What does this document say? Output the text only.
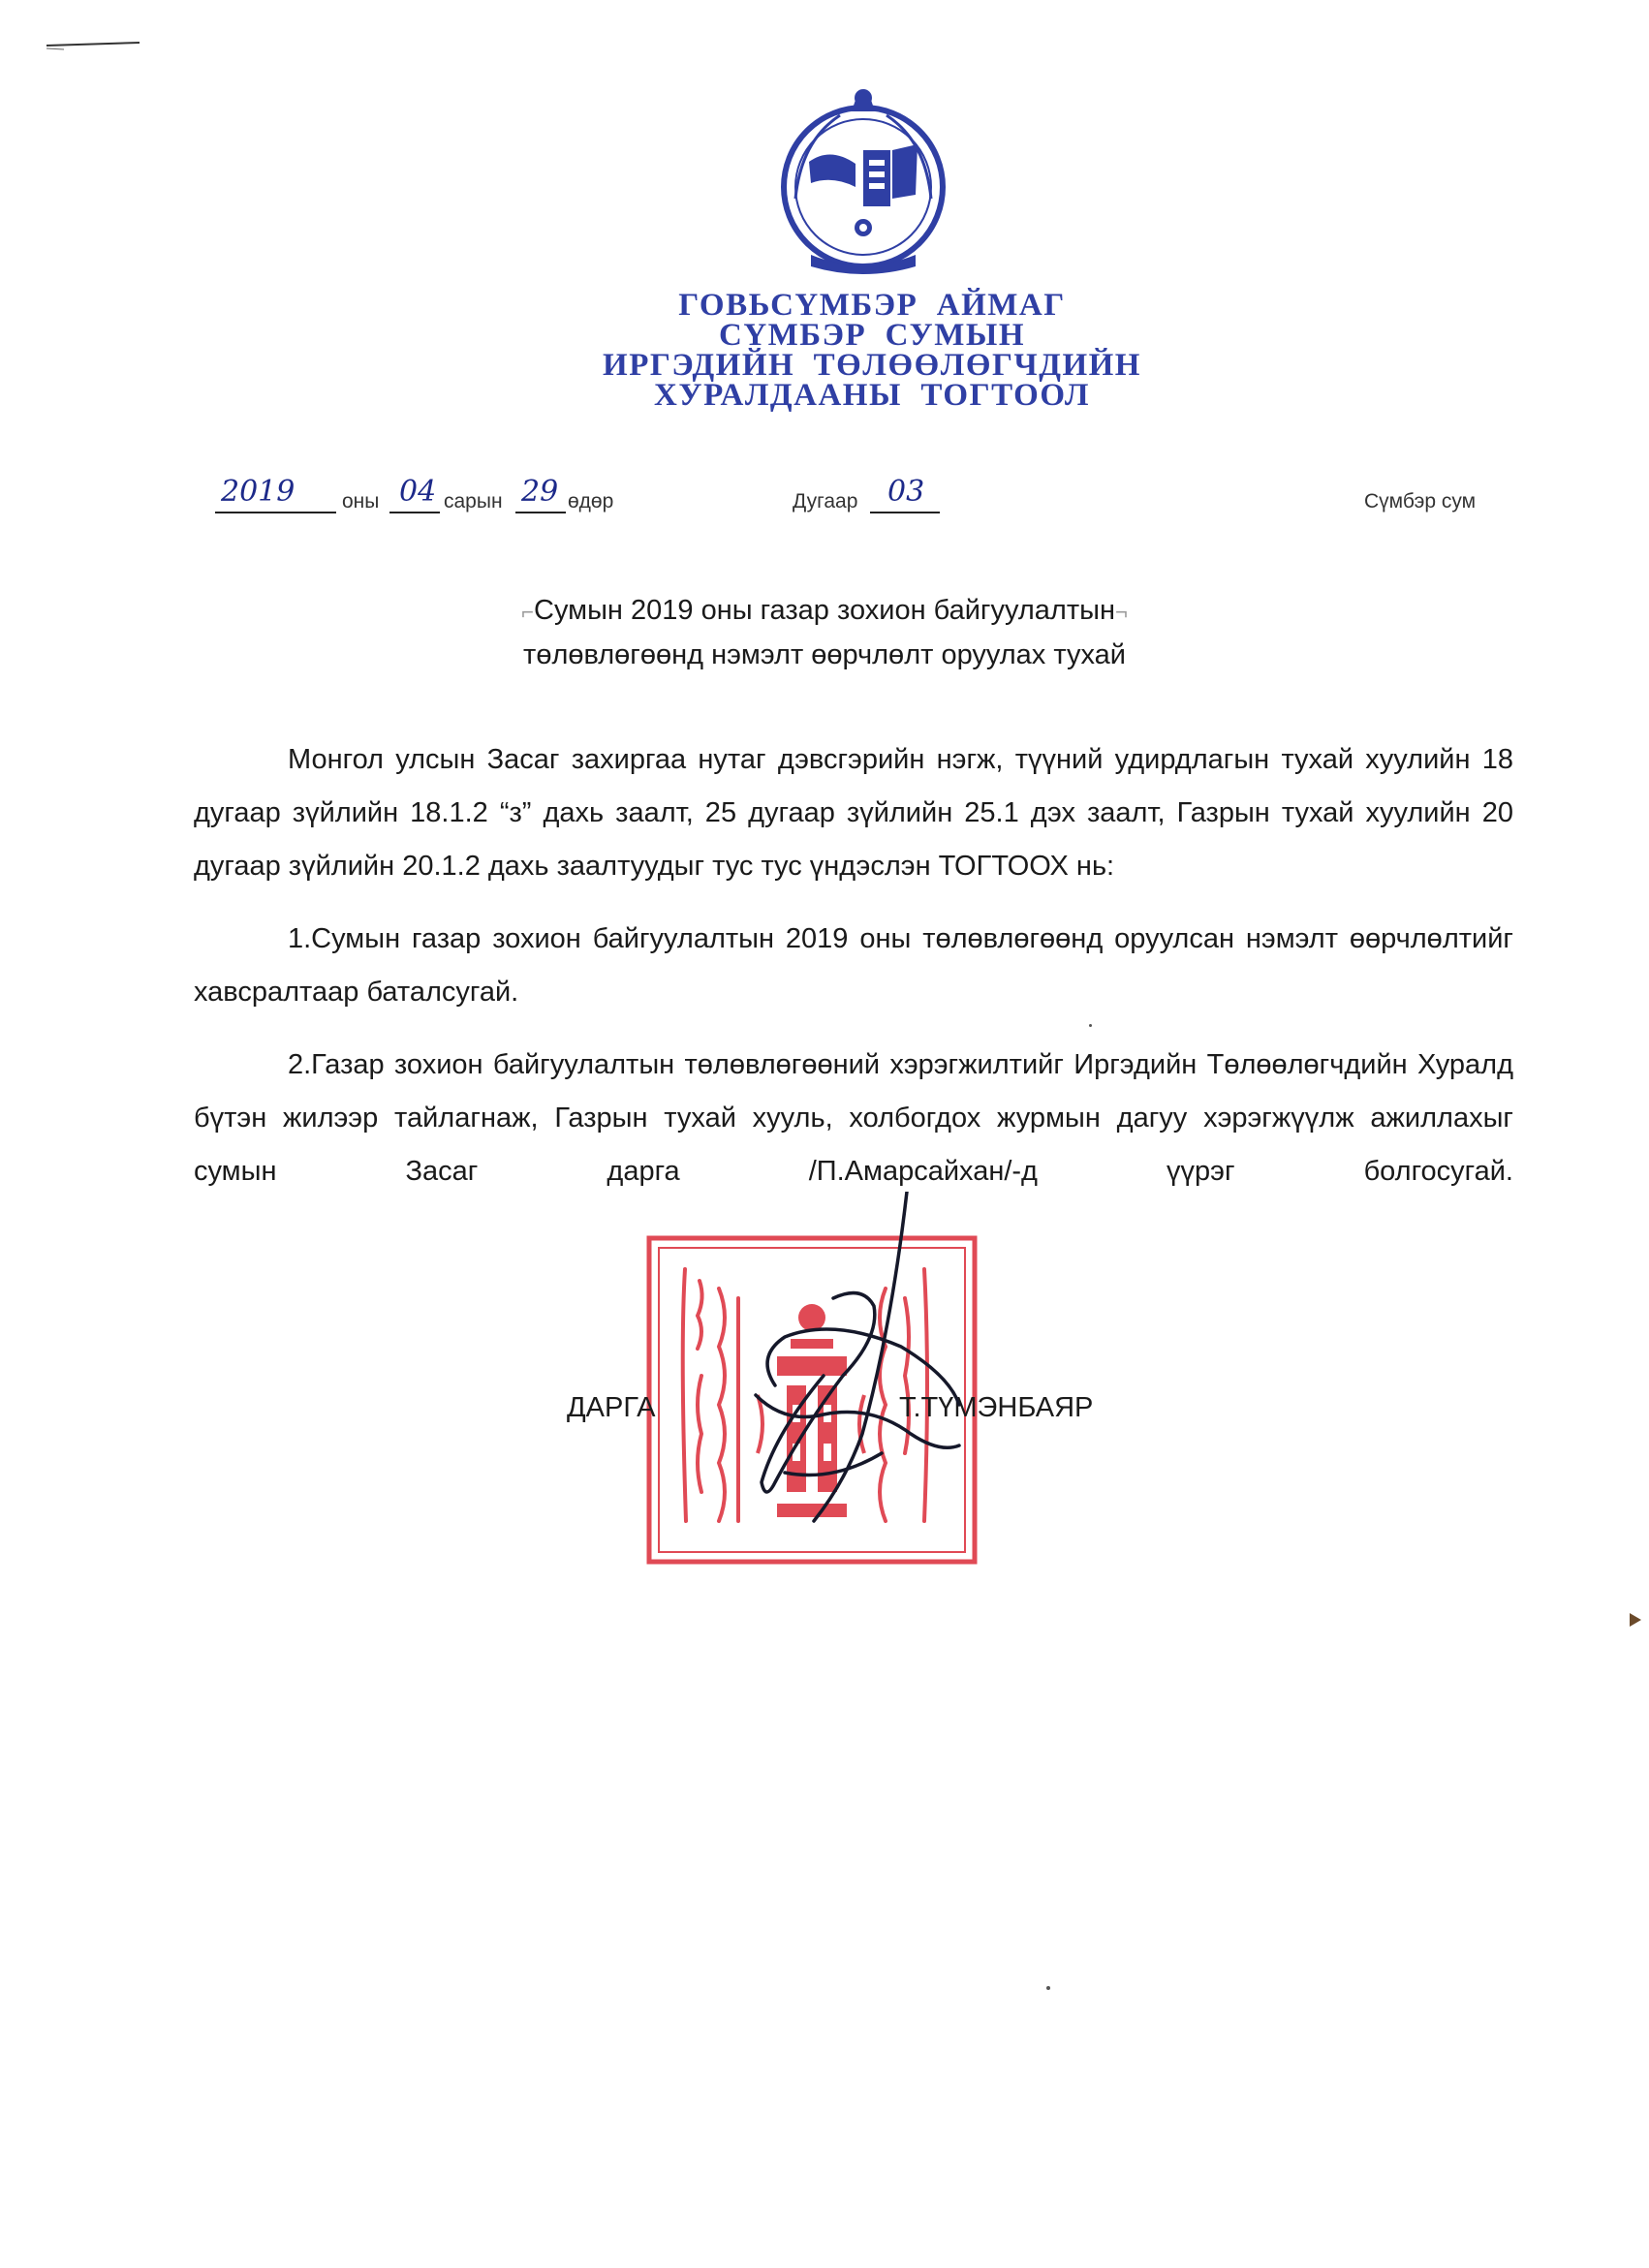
ГОВЬСҮМБЭР  АЙМАГ
СҮМБЭР  СУМЫН
ИРГЭДИЙН  ТӨЛӨӨЛӨГЧДИЙН
ХУРАЛДААНЫ  ТОГТООЛ
2019 оны 04 сарын 29 өдөр	Дугаар 03	Сүмбэр сум
⌐Сумын 2019 оны газар зохион байгуулалтын¬
төлөвлөгөөнд нэмэлт өөрчлөлт оруулах тухай

Монгол улсын Засаг захиргаа нутаг дэвсгэрийн нэгж, түүний удирдлагын тухай хуулийн 18 дугаар зүйлийн 18.1.2 “з” дахь заалт, 25 дугаар зүйлийн 25.1 дэх заалт, Газрын тухай хуулийн 20 дугаар зүйлийн 20.1.2 дахь заалтуудыг тус тус үндэслэн ТОГТООХ нь:

1.Сумын газар зохион байгуулалтын 2019 оны төлөвлөгөөнд оруулсан нэмэлт өөрчлөлтийг хавсралтаар баталсугай.

2.Газар зохион байгуулалтын төлөвлөгөөний хэрэгжилтийг Иргэдийн Төлөөлөгчдийн Хуралд бүтэн жилээр тайлагнаж, Газрын тухай хууль, холбогдох журмын дагуу хэрэгжүүлж ажиллахыг сумын Засаг дарга /П.Амарсайхан/-д үүрэг болгосугай.

ДАРГА	Т.ТҮМЭНБАЯР
